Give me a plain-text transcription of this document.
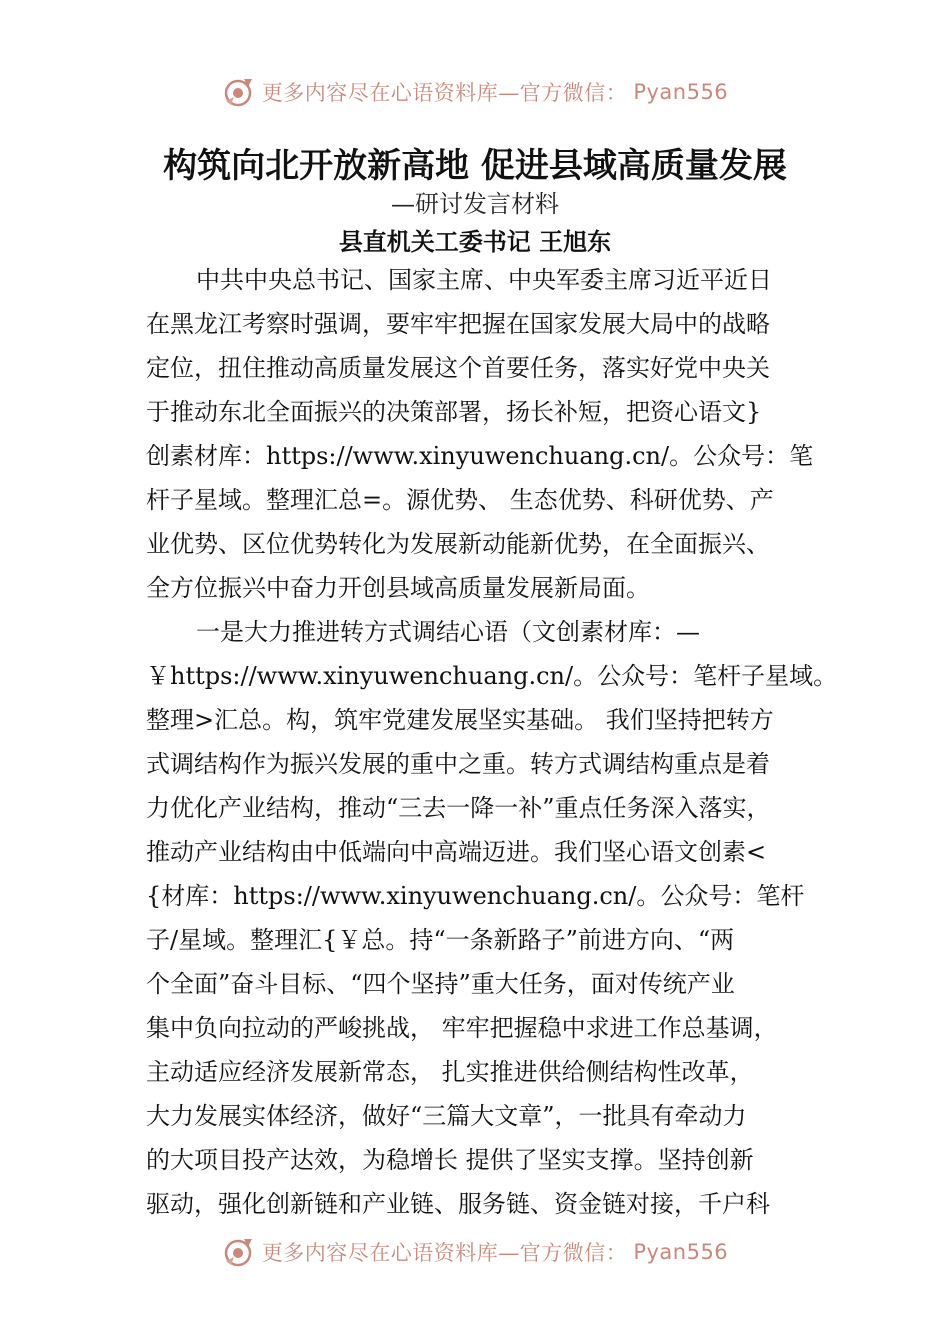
更多内容尽在心语资料库—官方微信： Pyan556
构筑向北开放新高地 促进县域高质量发展
—研讨发言材料
县直机关工委书记 王旭东
中共中央总书记、国家主席、中央军委主席习近平近日
在黑龙江考察时强调，要牢牢把握在国家发展大局中的战略
定位，扭住推动高质量发展这个首要任务，落实好党中央关
于推动东北全面振兴的决策部署，扬长补短，把资心语文}
创素材库：https://www.xinyuwenchuang.cn/。公众号：笔
杆子星域。整理汇总=。源优势、 生态优势、科研优势、产
业优势、区位优势转化为发展新动能新优势，在全面振兴、
全方位振兴中奋力开创县域高质量发展新局面。
一是大力推进转方式调结心语（文创素材库：—
￥https://www.xinyuwenchuang.cn/。公众号：笔杆子星域。
整理>汇总。构，筑牢党建发展坚实基础。 我们坚持把转方
式调结构作为振兴发展的重中之重。转方式调结构重点是着
力优化产业结构，推动“三去一降一补”重点任务深入落实，
推动产业结构由中低端向中高端迈进。我们坚心语文创素<
{材库：https://www.xinyuwenchuang.cn/。公众号：笔杆
子/星域。整理汇{￥总。持“一条新路子”前进方向、“两
个全面”奋斗目标、“四个坚持”重大任务，面对传统产业
集中负向拉动的严峻挑战， 牢牢把握稳中求进工作总基调，
主动适应经济发展新常态， 扎实推进供给侧结构性改革，
大力发展实体经济，做好“三篇大文章”，一批具有牵动力
的大项目投产达效，为稳增长 提供了坚实支撑。坚持创新
驱动，强化创新链和产业链、服务链、资金链对接，千户科
更多内容尽在心语资料库—官方微信： Pyan556
